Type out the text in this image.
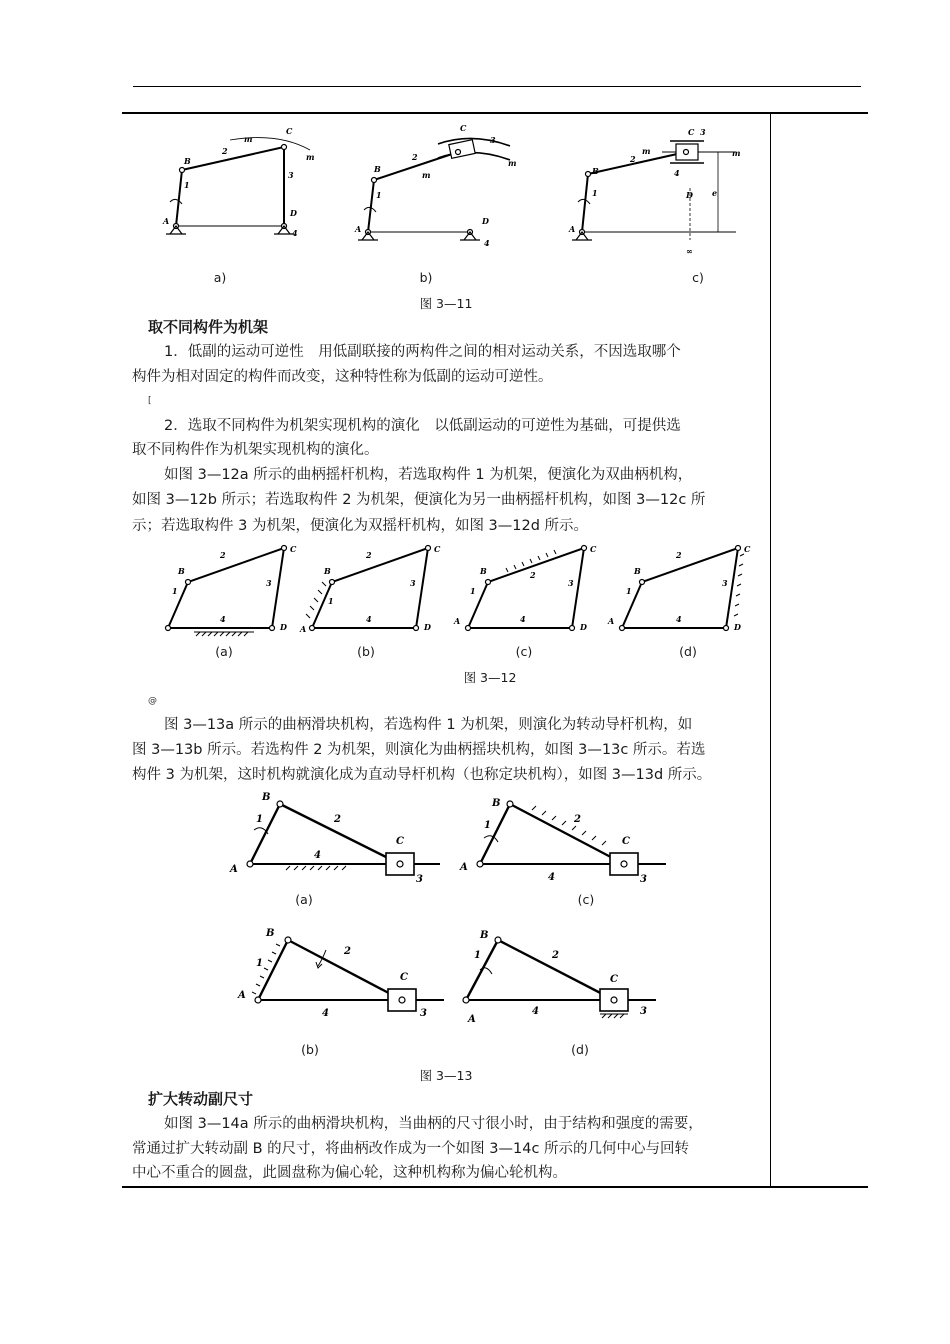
A
B
C
D
1
2
3
4
m
m
A
B
C
D
1
2
3
4
m
m
A
B
C
D
1
2
3
4
m	m
e
∞
a)	b)	c)
图 3—11
取不同构件为机架
1．低副的运动可逆性　用低副联接的两构件之间的相对运动关系，不因选取哪个
构件为相对固定的构件而改变，这种特性称为低副的运动可逆性。
[
2．选取不同构件为机架实现机构的演化　以低副运动的可逆性为基础，可提供选
取不同构件作为机架实现机构的演化。
如图 3—12a 所示的曲柄摇杆机构，若选取构件 1 为机架，便演化为双曲柄机构，
如图 3—12b 所示；若选取构件 2 为机架，便演化为另一曲柄摇杆机构，如图 3—12c 所
示；若选取构件 3 为机架，便演化为双摇杆机构，如图 3—12d 所示。
B
C
D
1
2
3
4
A
B
C
D
1
2
3
4	A
B
C
D
1
2
3
4	A
B
C
D
1
2
3
4
(a)	(b)	(c)	(d)
图 3—12
@
图 3—13a 所示的曲柄滑块机构，若选构件 1 为机架，则演化为转动导杆机构，如
图 3—13b 所示。若选构件 2 为机架，则演化为曲柄摇块机构，如图 3—13c 所示。若选
构件 3 为机架，这时机构就演化成为直动导杆机构（也称定块机构），如图 3—13d 所示。
A
B
C
1	2
3
4
A
B
C
1
2
3
4
(a)	(c)
A
B
C
1
2
3
4
A
B
C
1	2
3
4
(b)	(d)
图 3—13
扩大转动副尺寸
如图 3—14a 所示的曲柄滑块机构，当曲柄的尺寸很小时，由于结构和强度的需要，
常通过扩大转动副 B 的尺寸，将曲柄改作成为一个如图 3—14c 所示的几何中心与回转
中心不重合的圆盘，此圆盘称为偏心轮，这种机构称为偏心轮机构。
